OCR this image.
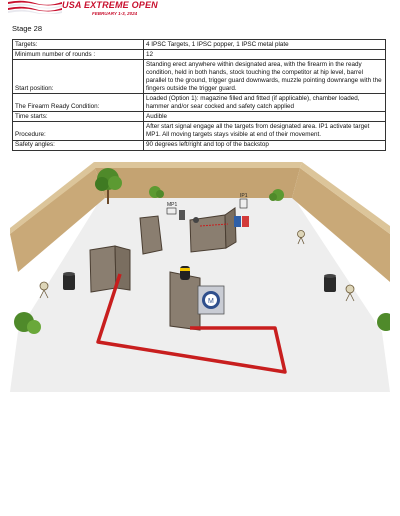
USA EXTREME OPEN
FEBRUARY 1-3, 2024
Stage 28
Targets:	4 IPSC Targets, 1 IPSC popper, 1 IPSC metal plate
Minimum number of rounds :	12
Start position:	Standing erect anywhere within designated area, with the firearm in the ready condition, held in both hands, stock touching the competitor at hip level, barrel parallel to the ground, trigger guard downwards, muzzle pointing downrange with the fingers outside the trigger guard.
The Firearm Ready Condition:	Loaded (Option 1): magazine filled and fitted (if applicable), chamber loaded, hammer and/or sear cocked and safety catch applied
Time starts:	Audible
Procedure:	After start signal engage all the targets from designated area. IP1 activate target MP1. All moving targets stays visible at end of their movement.
Safety angles:	90 degrees left/right and top of the backstop
IP1
MP1
M
